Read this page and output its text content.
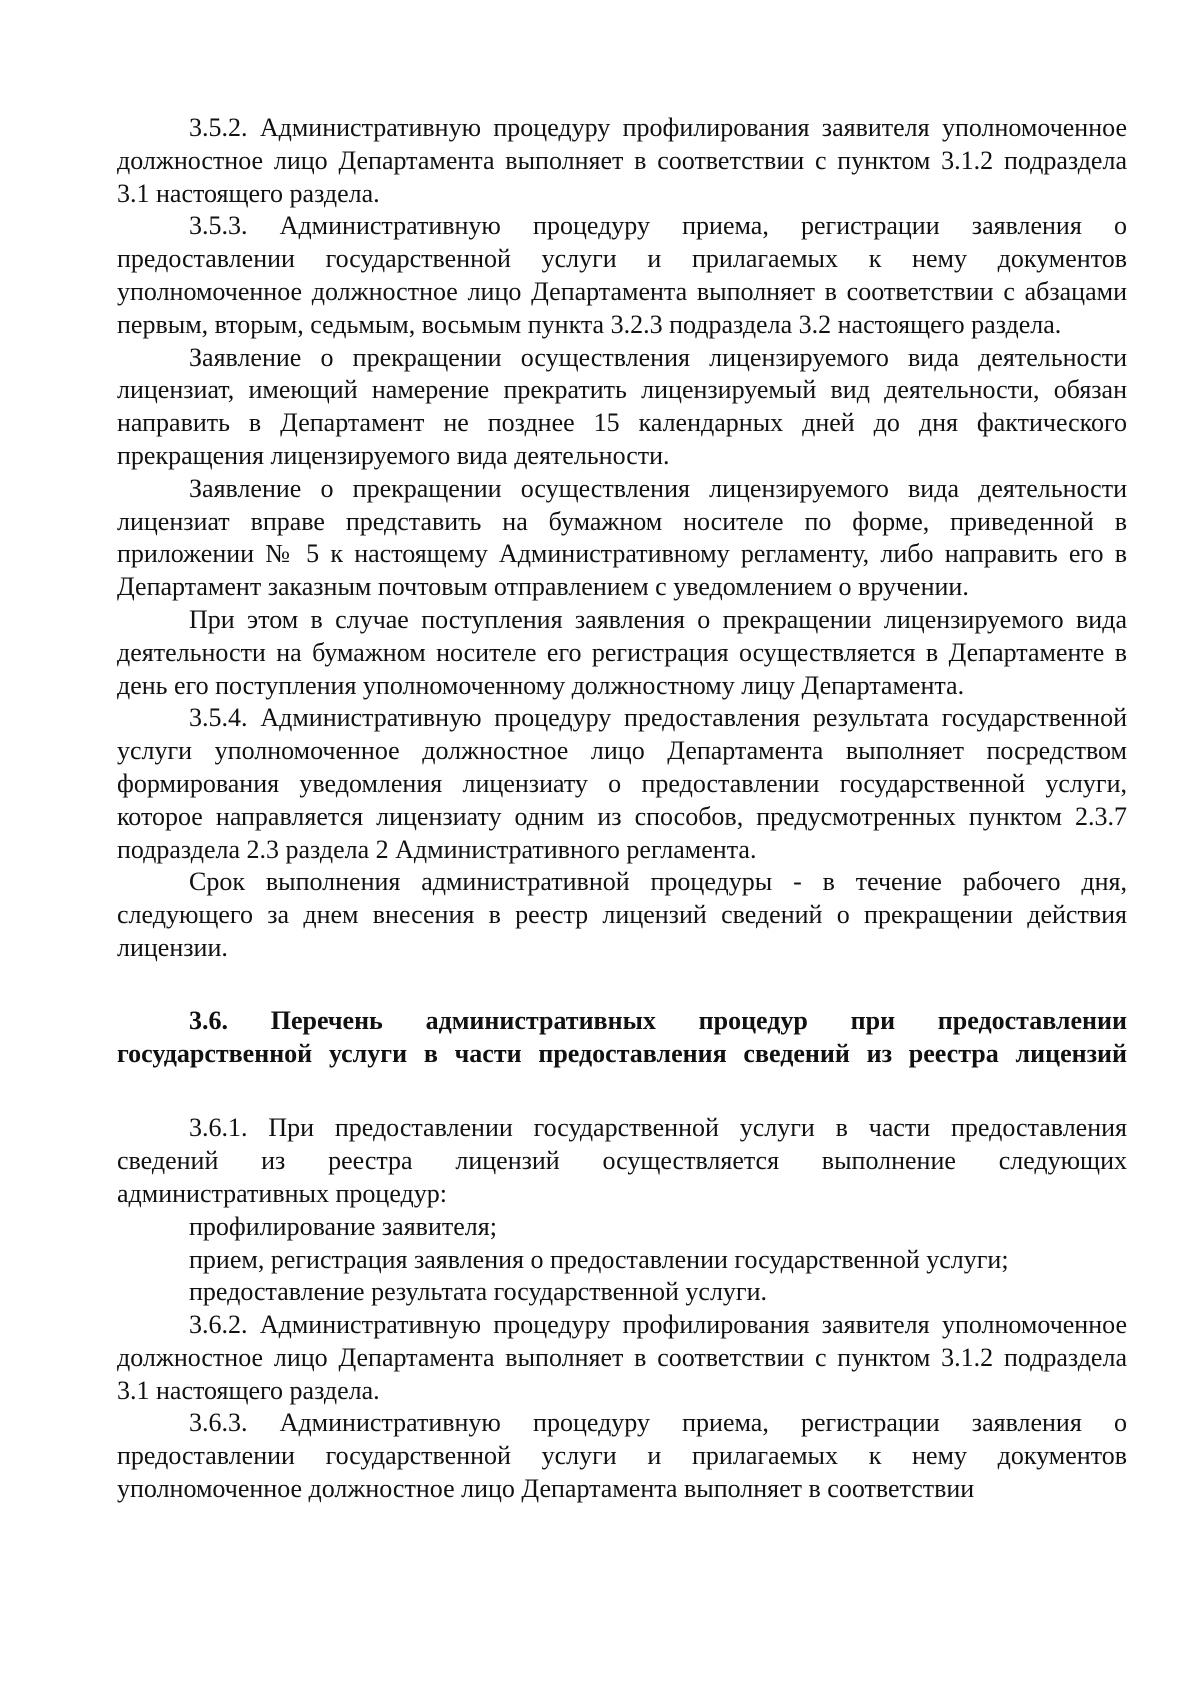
3.5.2. Административную процедуру профилирования заявителя уполномоченное должностное лицо Департамента выполняет в соответствии с пунктом 3.1.2 подраздела 3.1 настоящего раздела.

3.5.3. Административную процедуру приема, регистрации заявления о предоставлении государственной услуги и прилагаемых к нему документов уполномоченное должностное лицо Департамента выполняет в соответствии с абзацами первым, вторым, седьмым, восьмым пункта 3.2.3 подраздела 3.2 настоящего раздела.

Заявление о прекращении осуществления лицензируемого вида деятельности лицензиат, имеющий намерение прекратить лицензируемый вид деятельности, обязан направить в Департамент не позднее 15 календарных дней до дня фактического прекращения лицензируемого вида деятельности.

Заявление о прекращении осуществления лицензируемого вида деятельности лицензиат вправе представить на бумажном носителе по форме, приведенной в приложении № 5 к настоящему Административному регламенту, либо направить его в Департамент заказным почтовым отправлением с уведомлением о вручении.

При этом в случае поступления заявления о прекращении лицензируемого вида деятельности на бумажном носителе его регистрация осуществляется в Департаменте в день его поступления уполномоченному должностному лицу Департамента.

3.5.4. Административную процедуру предоставления результата государственной услуги уполномоченное должностное лицо Департамента выполняет посредством формирования уведомления лицензиату о предоставлении государственной услуги, которое направляется лицензиату одним из способов, предусмотренных пунктом 2.3.7 подраздела 2.3 раздела 2 Административного регламента.

Срок выполнения административной процедуры - в течение рабочего дня, следующего за днем внесения в реестр лицензий сведений о прекращении действия лицензии.

3.6. Перечень административных процедур при предоставлении
государственной услуги в части предоставления сведений из реестра лицензий

3.6.1. При предоставлении государственной услуги в части предоставления сведений из реестра лицензий осуществляется выполнение следующих административных процедур:

профилирование заявителя;

прием, регистрация заявления о предоставлении государственной услуги;

предоставление результата государственной услуги.

3.6.2. Административную процедуру профилирования заявителя уполномоченное должностное лицо Департамента выполняет в соответствии с пунктом 3.1.2 подраздела 3.1 настоящего раздела.

3.6.3. Административную процедуру приема, регистрации заявления о предоставлении государственной услуги и прилагаемых к нему документов уполномоченное должностное лицо Департамента выполняет в соответствии
